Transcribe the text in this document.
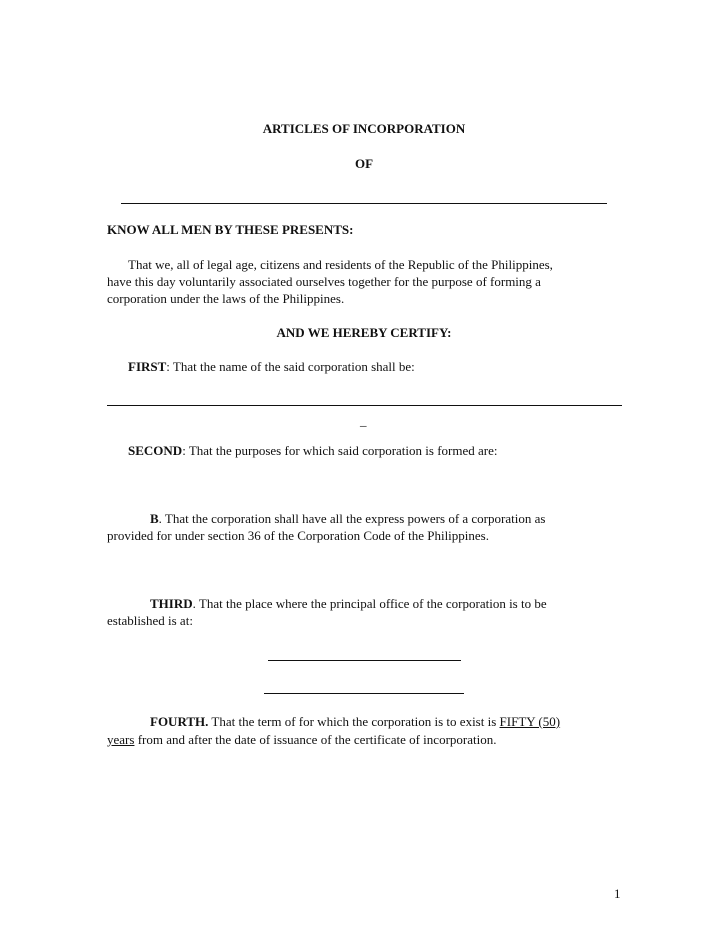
ARTICLES OF INCORPORATION
OF
KNOW ALL MEN BY THESE PRESENTS:
That we, all of legal age, citizens and residents of the Republic of the Philippines,
have this day voluntarily associated ourselves together for the purpose of forming a
corporation under the laws of the Philippines.
AND WE HEREBY CERTIFY:
FIRST: That the name of the said corporation shall be:
_
SECOND: That the purposes for which said corporation is formed are:
B. That the corporation shall have all the express powers of a corporation as
provided for under section 36 of the Corporation Code of the Philippines.
THIRD. That the place where the principal office of the corporation is to be
established is at:
FOURTH. That the term of for which the corporation is to exist is FIFTY (50)
years from and after the date of issuance of the certificate of incorporation.
1
